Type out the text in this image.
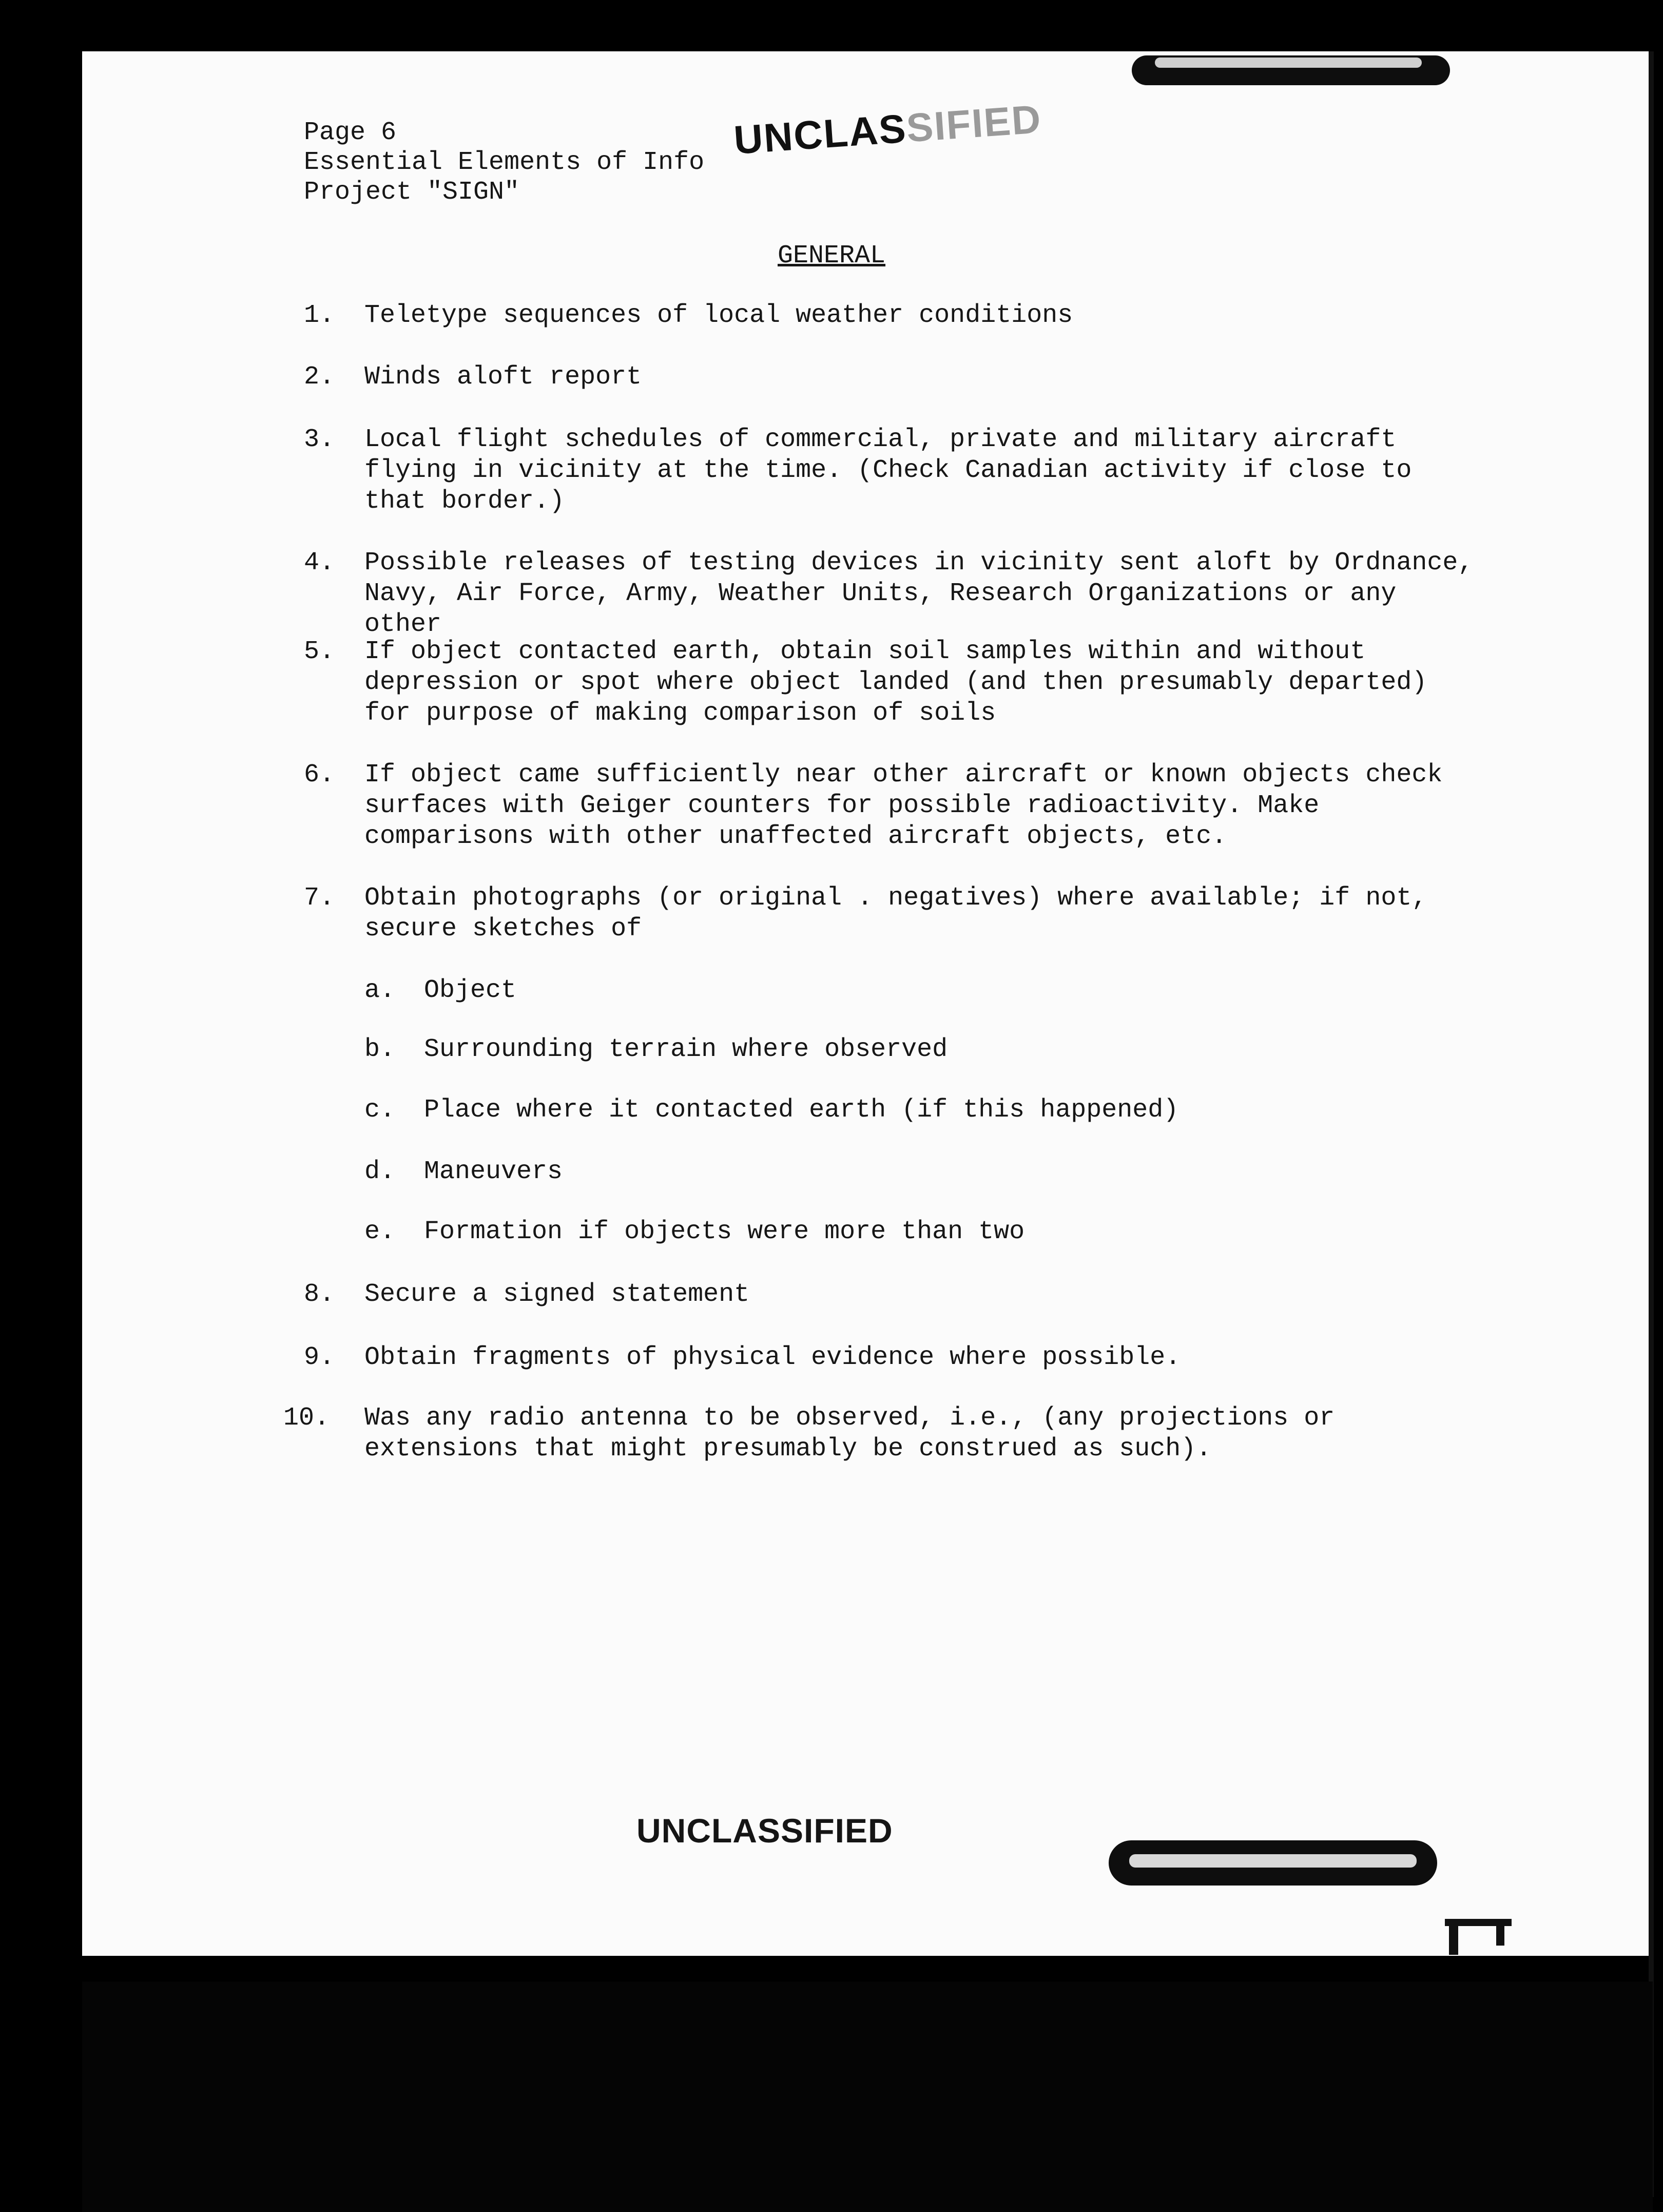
Page 6
Essential Elements of Info
Project "SIGN"
UNCLASSIFIED
GENERAL
1.	Teletype sequences of local weather conditions
2.	Winds aloft report
3.	Local flight schedules of commercial, private and military aircraft flying in vicinity at the time. (Check Canadian activity if close to that border.)
4.	Possible releases of testing devices in vicinity sent aloft by Ordnance, Navy, Air Force, Army, Weather Units, Research Organizations or any other
5.	If object contacted earth, obtain soil samples within and without depression or spot where object landed (and then presumably departed) for purpose of making comparison of soils
6.	If object came sufficiently near other aircraft or known objects check surfaces with Geiger counters for possible radioactivity. Make comparisons with other unaffected aircraft objects, etc.
7.	Obtain photographs (or original . negatives) where available; if not, secure sketches of
a. Object
b. Surrounding terrain where observed
c. Place where it contacted earth (if this happened)
d. Maneuvers
e. Formation if objects were more than two
8.	Secure a signed statement
9.	Obtain fragments of physical evidence where possible.
10.	Was any radio antenna to be observed, i.e., (any projections or extensions that might presumably be construed as such).
UNCLASSIFIED
